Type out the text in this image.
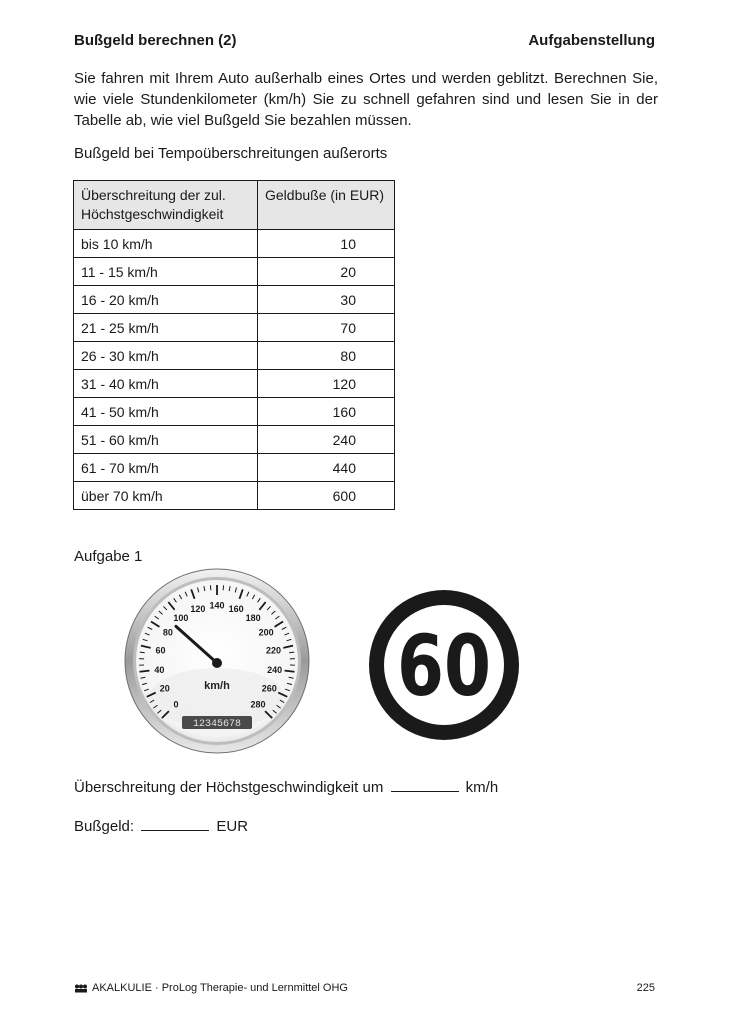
Bußgeld berechnen (2)	Aufgabenstellung
Sie fahren mit Ihrem Auto außerhalb eines Ortes und werden geblitzt. Berechnen Sie, wie viele Stundenkilometer (km/h) Sie zu schnell gefahren sind und lesen Sie in der Tabelle ab, wie viel Bußgeld Sie bezahlen müssen.
Bußgeld bei Tempoüberschreitungen außerorts
Überschreitung der zul. Höchstgeschwindigkeit	Geldbuße (in EUR)
bis 10 km/h	10
11 - 15 km/h	20
16 - 20 km/h	30
21 - 25 km/h	70
26 - 30 km/h	80
31 - 40 km/h	120
41 - 50 km/h	160
51 - 60 km/h	240
61 - 70 km/h	440
über 70 km/h	600
Aufgabe 1
0
20
40
60
80
100
120 140 160
180
200
220
240
260
280
km/h
12345678
60
Überschreitung der Höchstgeschwindigkeit um	km/h
Bußgeld:	EUR
AKALKULIE
· ProLog Therapie- und Lernmittel OHG	225
